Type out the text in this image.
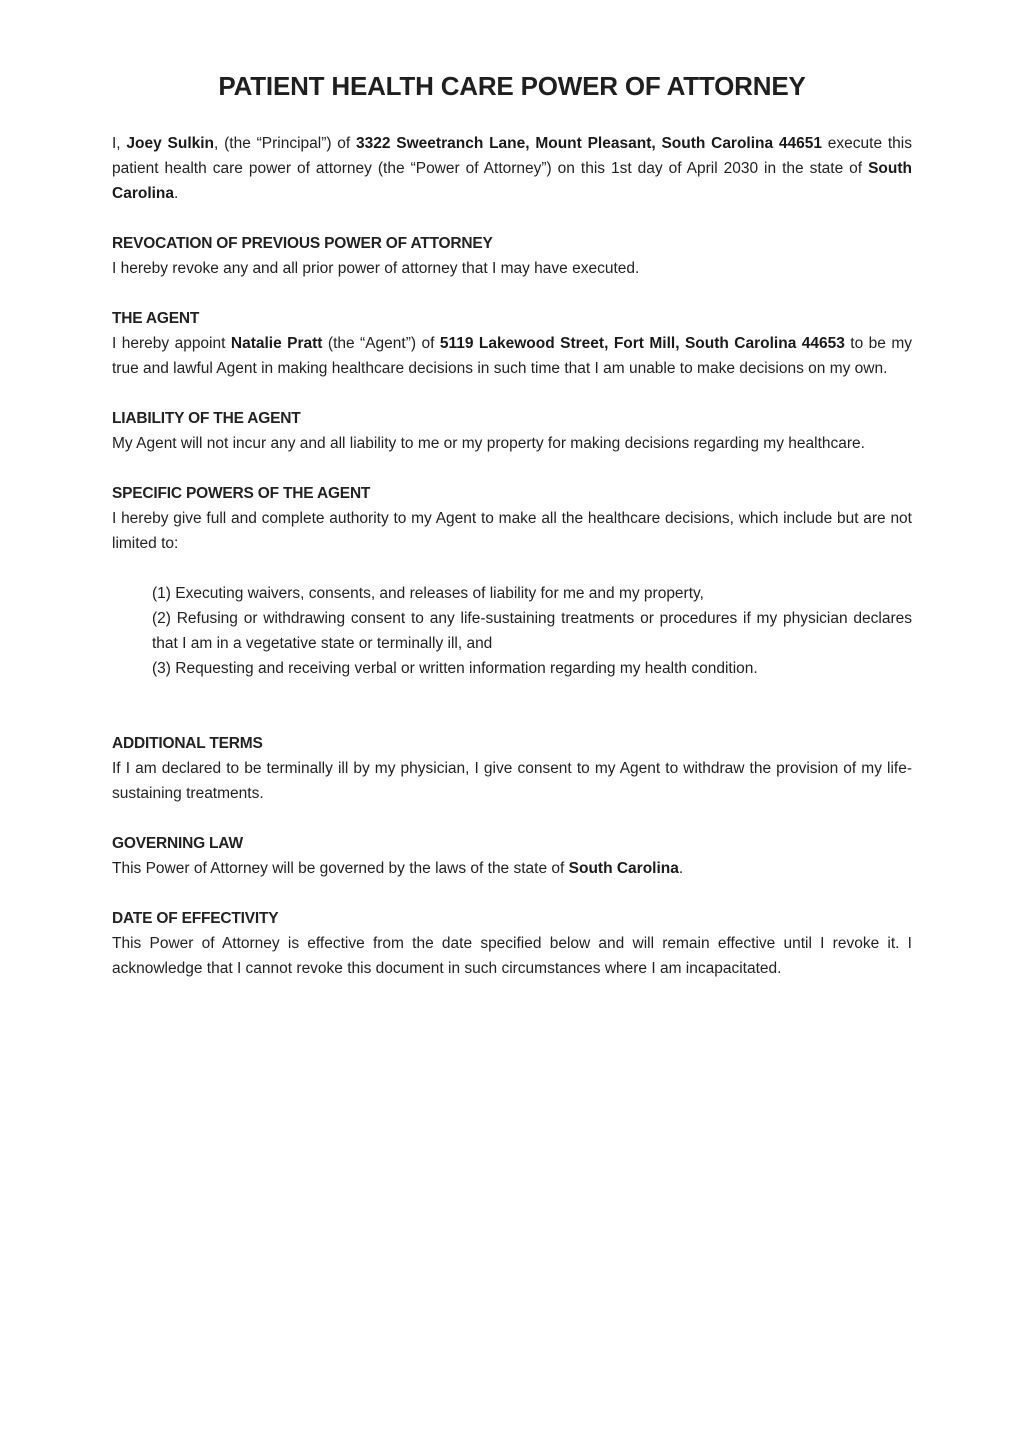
PATIENT HEALTH CARE POWER OF ATTORNEY

I, Joey Sulkin, (the “Principal”) of 3322 Sweetranch Lane, Mount Pleasant, South Carolina 44651 execute this patient health care power of attorney (the “Power of Attorney”) on this 1st day of April 2030 in the state of South Carolina.

REVOCATION OF PREVIOUS POWER OF ATTORNEY

I hereby revoke any and all prior power of attorney that I may have executed.

THE AGENT

I hereby appoint Natalie Pratt (the “Agent”) of 5119 Lakewood Street, Fort Mill, South Carolina 44653 to be my true and lawful Agent in making healthcare decisions in such time that I am unable to make decisions on my own.

LIABILITY OF THE AGENT

My Agent will not incur any and all liability to me or my property for making decisions regarding my healthcare.

SPECIFIC POWERS OF THE AGENT

I hereby give full and complete authority to my Agent to make all the healthcare decisions, which include but are not limited to:

(1) Executing waivers, consents, and releases of liability for me and my property,
(2) Refusing or withdrawing consent to any life-sustaining treatments or procedures if my physician declares that I am in a vegetative state or terminally ill, and
(3) Requesting and receiving verbal or written information regarding my health condition.
ADDITIONAL TERMS

If I am declared to be terminally ill by my physician, I give consent to my Agent to withdraw the provision of my life-sustaining treatments.

GOVERNING LAW

This Power of Attorney will be governed by the laws of the state of South Carolina.

DATE OF EFFECTIVITY

This Power of Attorney is effective from the date specified below and will remain effective until I revoke it. I acknowledge that I cannot revoke this document in such circumstances where I am incapacitated.
